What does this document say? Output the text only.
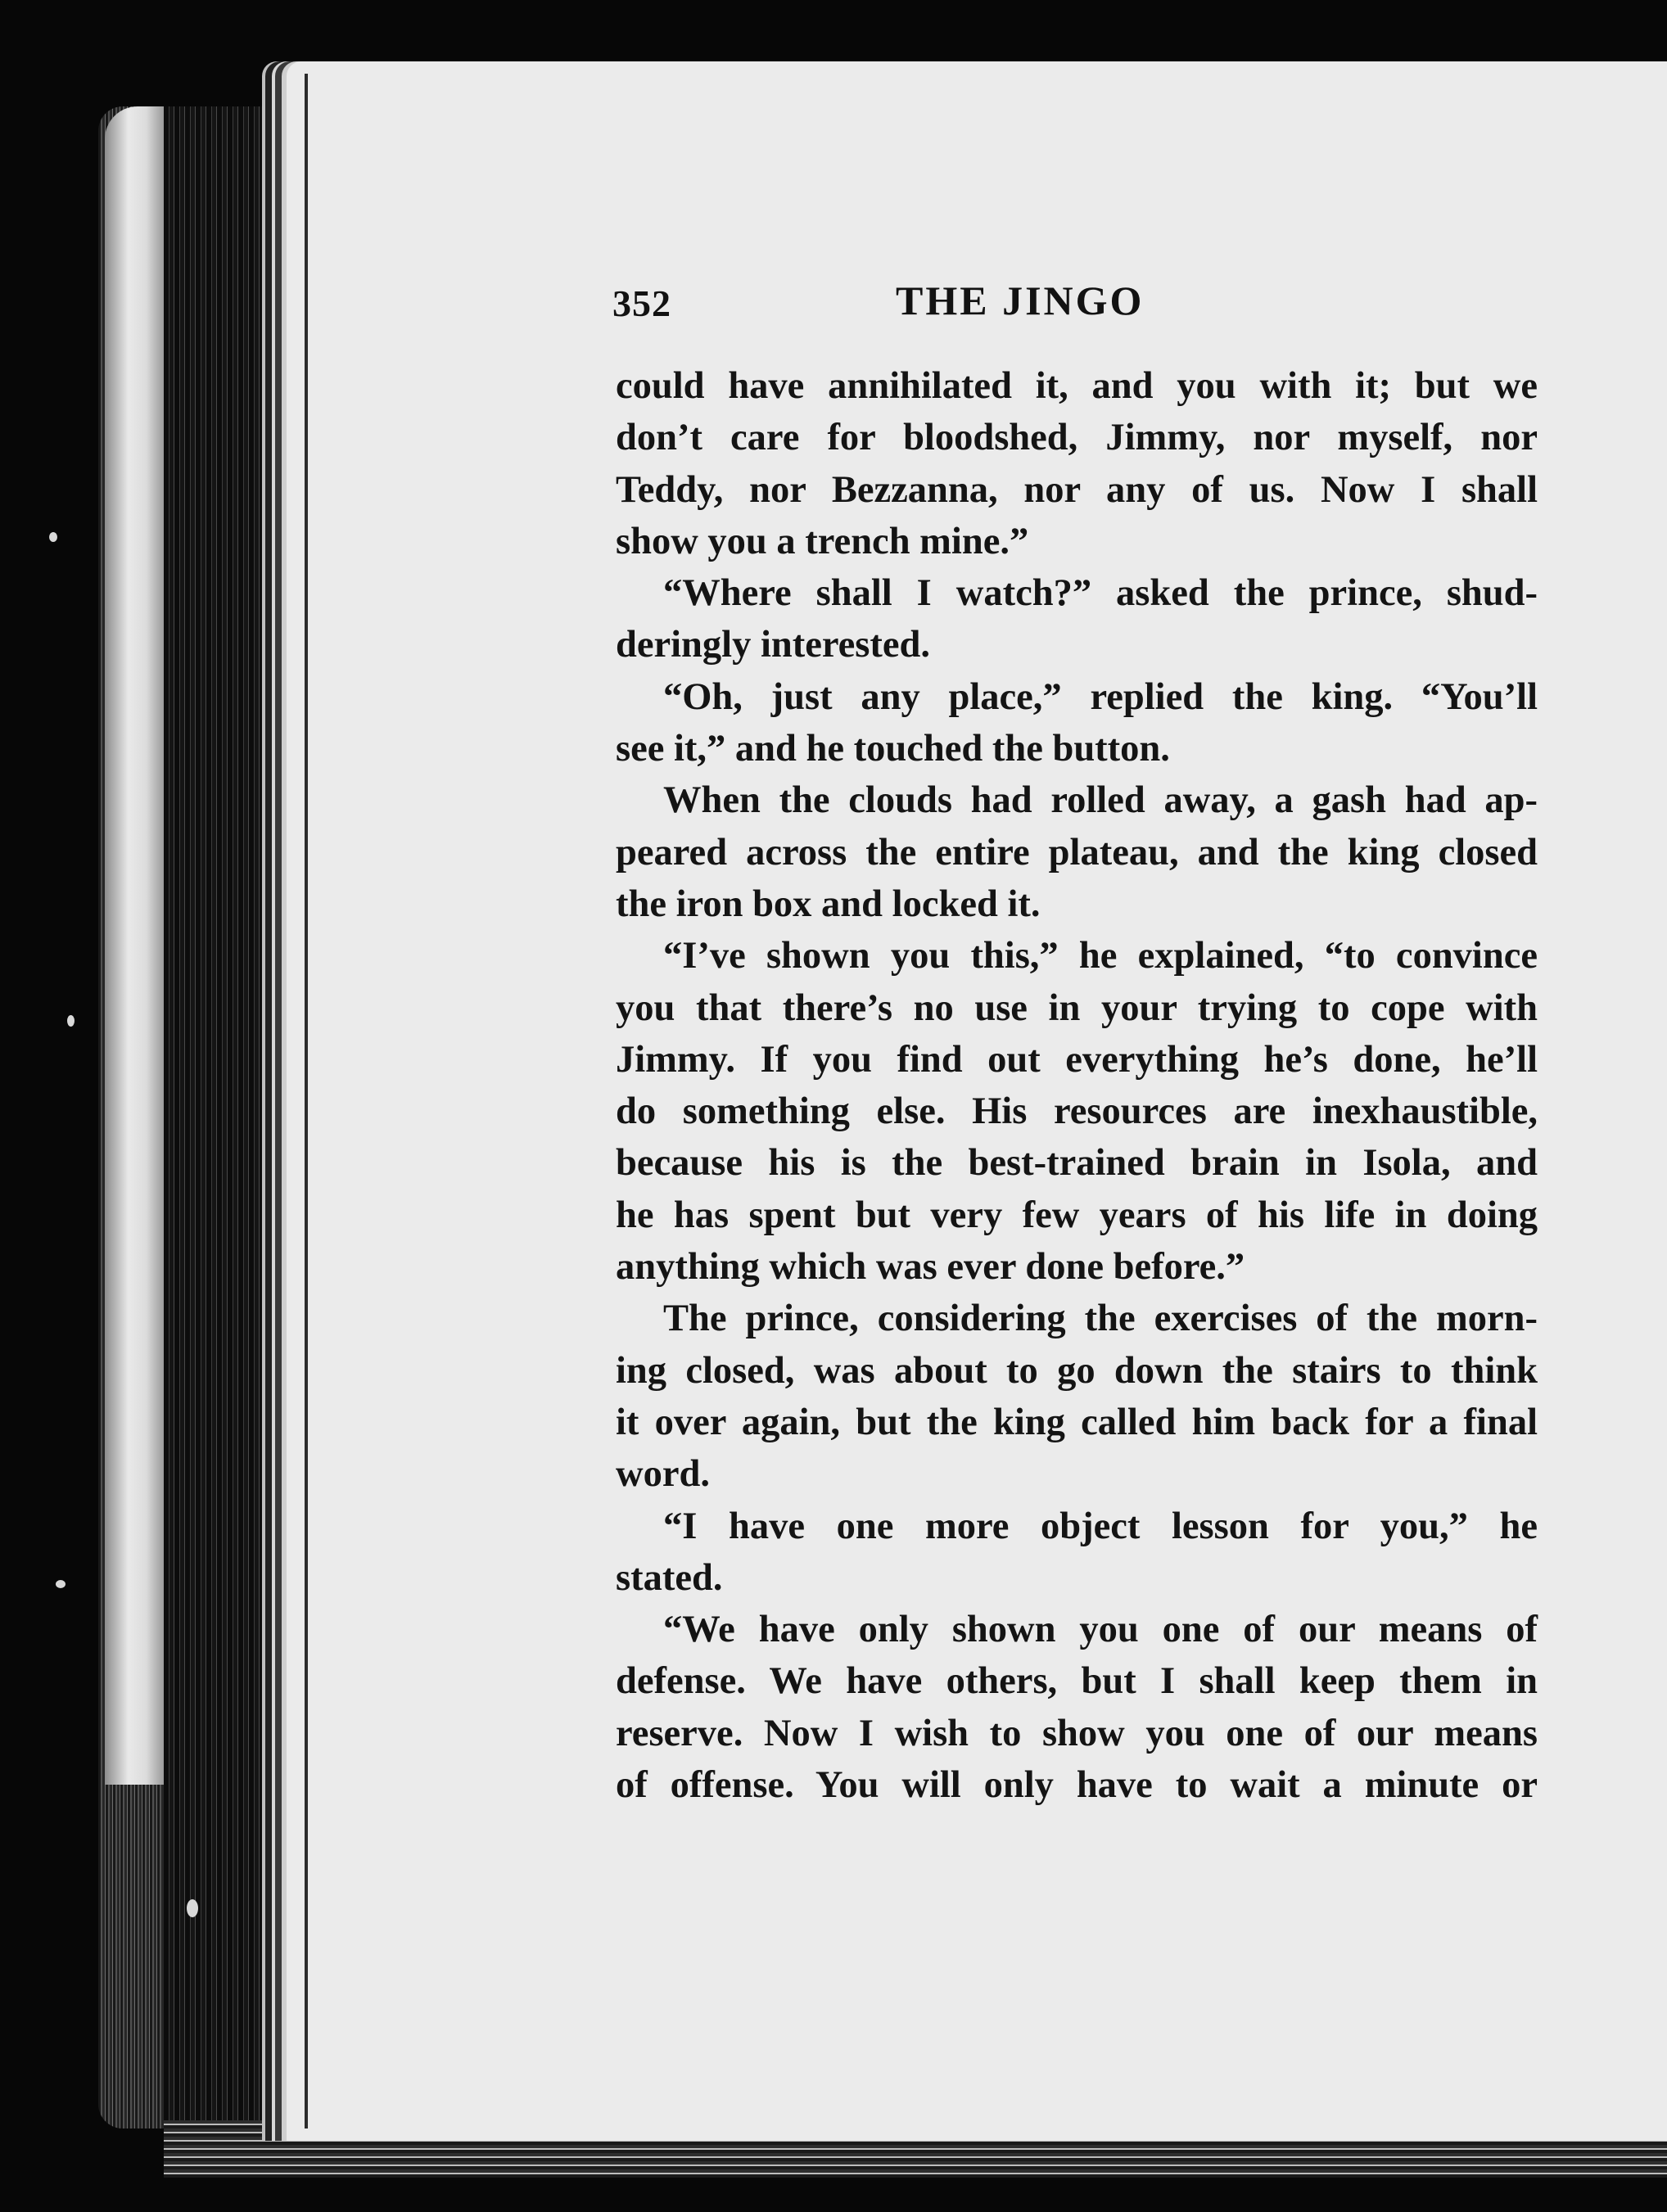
352	THE JINGO
could have annihilated it, and you with it; but we
don’t care for bloodshed, Jimmy, nor myself, nor
Teddy, nor Bezzanna, nor any of us. Now I shall
show you a trench mine.”
“Where shall I watch?” asked the prince, shud-
deringly interested.
“Oh, just any place,” replied the king. “You’ll
see it,” and he touched the button.
When the clouds had rolled away, a gash had ap-
peared across the entire plateau, and the king closed
the iron box and locked it.
“I’ve shown you this,” he explained, “to convince
you that there’s no use in your trying to cope with
Jimmy. If you find out everything he’s done, he’ll
do something else. His resources are inexhaustible,
because his is the best-trained brain in Isola, and
he has spent but very few years of his life in doing
anything which was ever done before.”
The prince, considering the exercises of the morn-
ing closed, was about to go down the stairs to think
it over again, but the king called him back for a final
word.
“I have one more object lesson for you,” he
stated.
“We have only shown you one of our means of
defense. We have others, but I shall keep them in
reserve. Now I wish to show you one of our means
of offense. You will only have to wait a minute or
